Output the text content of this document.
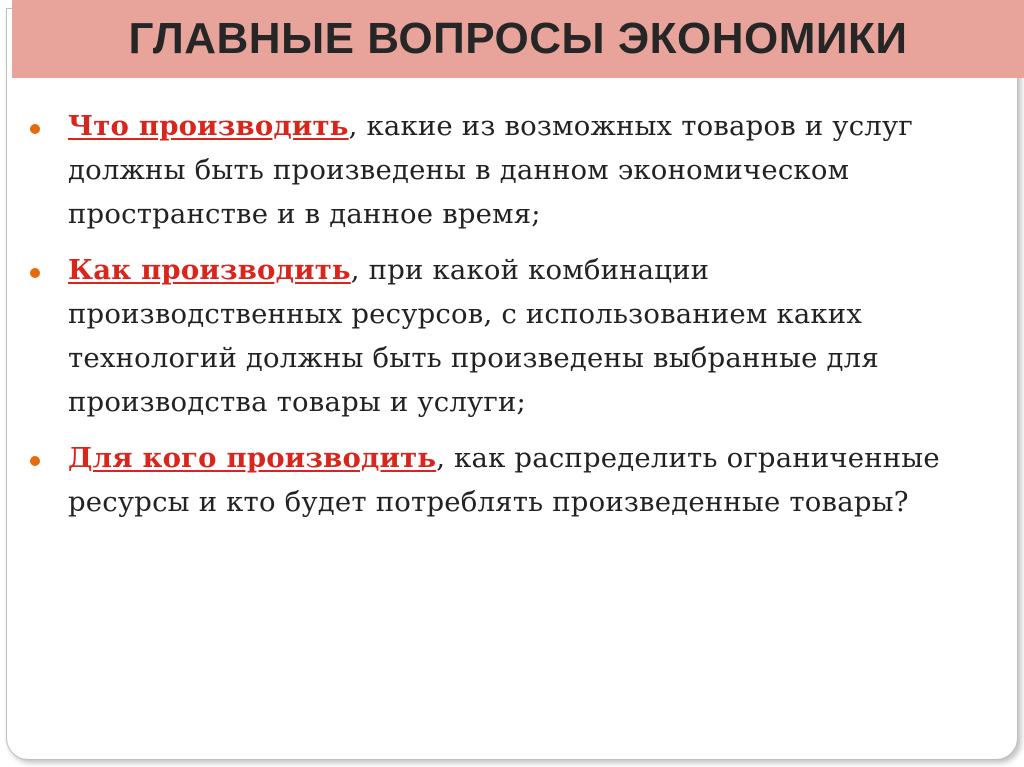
ГЛАВНЫЕ ВОПРОСЫ ЭКОНОМИКИ
Что производить, какие из возможных товаров и услуг должны быть произведены в данном экономическом пространстве и в данное время;
Как производить, при какой комбинации производственных ресурсов, с использованием каких технологий должны быть произведены выбранные для производства товары и услуги;
Для кого производить, как распределить ограниченные ресурсы и кто будет потреблять произведенные товары?
